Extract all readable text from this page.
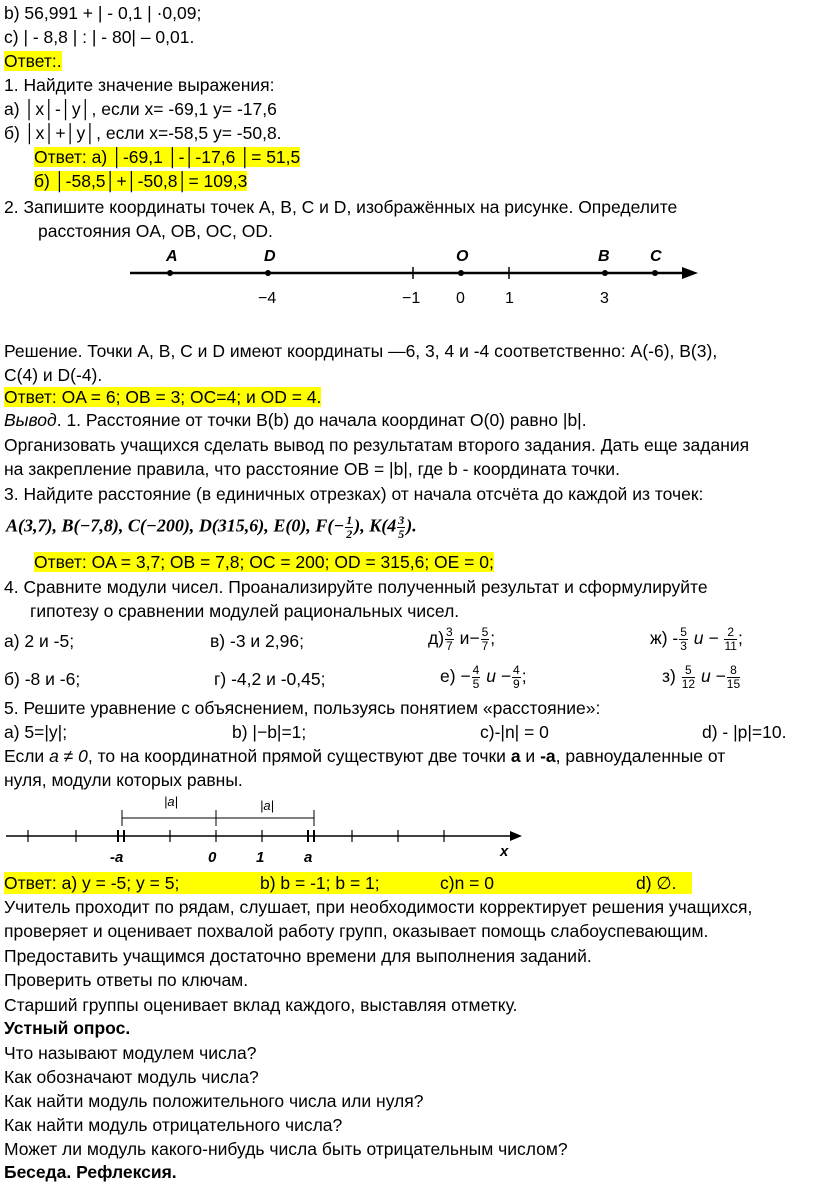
b) 56,991 + | - 0,1 | ·0,09;
c) | - 8,8 | : | - 80| – 0,01.
Ответ:.
1. Найдите значение выражения:
а) │x│-│y│, если x= -69,1 y= -17,6
б) │x│+│y│, если x=-58,5 y= -50,8.
Ответ: а) │-69,1 │-│-17,6 │= 51,5
б) │-58,5│+│-50,8│= 109,3
2. Запишите координаты точек A, B, C и D, изображённых на рисунке. Определите
расстояния OA, OB, OC, OD.
A	D	O	B	C
−4	−1 0	1	3
Решение. Точки A, B, C и D имеют координаты —6, 3, 4 и -4 соответственно: A(-6), B(3),
C(4) и D(-4).
Ответ: OA = 6; OB = 3; OC=4; и OD = 4.
Вывод. 1. Расстояние от точки B(b) до начала координат O(0) равно |b|.
Организовать учащихся сделать вывод по результатам второго задания. Дать еще задания
на закрепление правила, что расстояние OB = |b|, где b - координата точки.
3. Найдите расстояние (в единичных отрезках) от начала отсчёта до каждой из точек:
A(3,7), B(−7,8), C(−200), D(315,6), E(0), $F(- \frac{1}{2}$ ), $K(4 \frac{3}{5}$ ).
Ответ: OA = 3,7; OB = 7,8; OC = 200; OD = 315,6; OE = 0;
4. Сравните модули чисел. Проанализируйте полученный результат и сформулируйте
гипотезу о сравнении модулей рациональных чисел.
а) 2 и -5;	в) -3 и 2,96;	$д) \frac{3}{7} и- \frac{5}{7}$ ;	$ж) - \frac{5}{3}$ $и - \frac{2}{11}$ ;
б) -8 и -6;	г) -4,2 и -0,45;	$е) - \frac{4}{5}$ $и - \frac{4}{9}$ ;	$з) \frac{5}{12}$ $и - \frac{8}{15}$
5. Решите уравнение с объяснением, пользуясь понятием «расстояние»:
а) 5=|y|;	b) |−b|=1;	с)-|n| = 0	d) - |p|=10.
Если a ≠ 0, то на координатной прямой существуют две точки a и -a, равноудаленные от
нуля, модули которых равны.
|a|	|a|
-a	0	1	a	x
Ответ: а) y = -5; y = 5;	b) b = -1; b = 1;	с)n = 0	d) ∅.
Учитель проходит по рядам, слушает, при необходимости корректирует решения учащихся,
проверяет и оценивает похвалой работу групп, оказывает помощь слабоуспевающим.
Предоставить учащимся достаточно времени для выполнения заданий.
Проверить ответы по ключам.
Старший группы оценивает вклад каждого, выставляя отметку.
Устный опрос.
Что называют модулем числа?
Как обозначают модуль числа?
Как найти модуль положительного числа или нуля?
Как найти модуль отрицательного числа?
Может ли модуль какого-нибудь числа быть отрицательным числом?
Беседа. Рефлексия.
